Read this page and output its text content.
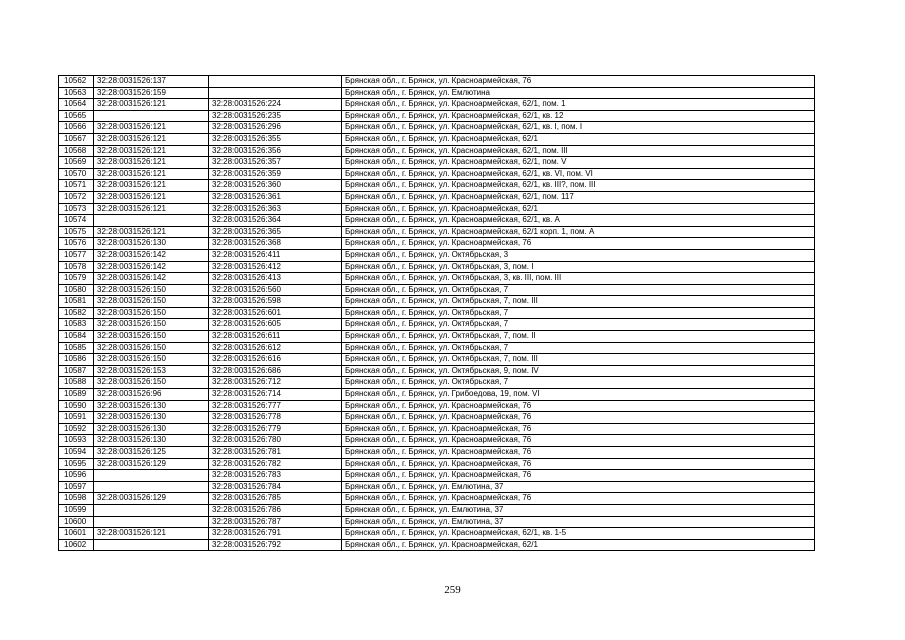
10562	32:28:0031526:137		Брянская обл., г. Брянск, ул. Красноармейская, 76
10563	32:28:0031526:159		Брянская обл., г. Брянск, ул. Емлютина
10564	32:28:0031526:121	32:28:0031526:224	Брянская обл., г. Брянск, ул. Красноармейская, 62/1, пом. 1
10565		32:28:0031526:235	Брянская обл., г. Брянск, ул. Красноармейская, 62/1, кв. 12
10566	32:28:0031526:121	32:28:0031526:296	Брянская обл., г. Брянск, ул. Красноармейская, 62/1, кв. I, пом. I
10567	32:28:0031526:121	32:28:0031526:355	Брянская обл., г. Брянск, ул. Красноармейская, 62/1
10568	32:28:0031526:121	32:28:0031526:356	Брянская обл., г. Брянск, ул. Красноармейская, 62/1, пом. III
10569	32:28:0031526:121	32:28:0031526:357	Брянская обл., г. Брянск, ул. Красноармейская, 62/1, пом. V
10570	32:28:0031526:121	32:28:0031526:359	Брянская обл., г. Брянск, ул. Красноармейская, 62/1, кв. VI, пом. VI
10571	32:28:0031526:121	32:28:0031526:360	Брянская обл., г. Брянск, ул. Красноармейская, 62/1, кв. III?, пом. III
10572	32:28:0031526:121	32:28:0031526:361	Брянская обл., г. Брянск, ул. Красноармейская, 62/1, пом. 117
10573	32:28:0031526:121	32:28:0031526:363	Брянская обл., г. Брянск, ул. Красноармейская, 62/1
10574		32:28:0031526:364	Брянская обл., г. Брянск, ул. Красноармейская, 62/1, кв. А
10575	32:28:0031526:121	32:28:0031526:365	Брянская обл., г. Брянск, ул. Красноармейская, 62/1 корп. 1, пом. А
10576	32:28:0031526:130	32:28:0031526:368	Брянская обл., г. Брянск, ул. Красноармейская, 76
10577	32:28:0031526:142	32:28:0031526:411	Брянская обл., г. Брянск, ул. Октябрьская, 3
10578	32:28:0031526:142	32:28:0031526:412	Брянская обл., г. Брянск, ул. Октябрьская, 3, пом. I
10579	32:28:0031526:142	32:28:0031526:413	Брянская обл., г. Брянск, ул. Октябрьская, 3, кв. III, пом. III
10580	32:28:0031526:150	32:28:0031526:560	Брянская обл., г. Брянск, ул. Октябрьская, 7
10581	32:28:0031526:150	32:28:0031526:598	Брянская обл., г. Брянск, ул. Октябрьская, 7, пом. III
10582	32:28:0031526:150	32:28:0031526:601	Брянская обл., г. Брянск, ул. Октябрьская, 7
10583	32:28:0031526:150	32:28:0031526:605	Брянская обл., г. Брянск, ул. Октябрьская, 7
10584	32:28:0031526:150	32:28:0031526:611	Брянская обл., г. Брянск, ул. Октябрьская, 7, пом. II
10585	32:28:0031526:150	32:28:0031526:612	Брянская обл., г. Брянск, ул. Октябрьская, 7
10586	32:28:0031526:150	32:28:0031526:616	Брянская обл., г. Брянск, ул. Октябрьская, 7, пом. III
10587	32:28:0031526:153	32:28:0031526:686	Брянская обл., г. Брянск, ул. Октябрьская, 9, пом. IV
10588	32:28:0031526:150	32:28:0031526:712	Брянская обл., г. Брянск, ул. Октябрьская, 7
10589	32:28:0031526:96	32:28:0031526:714	Брянская обл., г. Брянск, ул. Грибоедова, 19, пом. VI
10590	32:28:0031526:130	32:28:0031526:777	Брянская обл., г. Брянск, ул. Красноармейская, 76
10591	32:28:0031526:130	32:28:0031526:778	Брянская обл., г. Брянск, ул. Красноармейская, 76
10592	32:28:0031526:130	32:28:0031526:779	Брянская обл., г. Брянск, ул. Красноармейская, 76
10593	32:28:0031526:130	32:28:0031526:780	Брянская обл., г. Брянск, ул. Красноармейская, 76
10594	32:28:0031526:125	32:28:0031526:781	Брянская обл., г. Брянск, ул. Красноармейская, 76
10595	32:28:0031526:129	32:28:0031526:782	Брянская обл., г. Брянск, ул. Красноармейская, 76
10596		32:28:0031526:783	Брянская обл., г. Брянск, ул. Красноармейская, 76
10597		32:28:0031526:784	Брянская обл., г. Брянск, ул. Емлютина, 37
10598	32:28:0031526:129	32:28:0031526:785	Брянская обл., г. Брянск, ул. Красноармейская, 76
10599		32:28:0031526:786	Брянская обл., г. Брянск, ул. Емлютина, 37
10600		32:28:0031526:787	Брянская обл., г. Брянск, ул. Емлютина, 37
10601	32:28:0031526:121	32:28:0031526:791	Брянская обл., г. Брянск, ул. Красноармейская, 62/1, кв. 1-5
10602		32:28:0031526:792	Брянская обл., г. Брянск, ул. Красноармейская, 62/1
259
